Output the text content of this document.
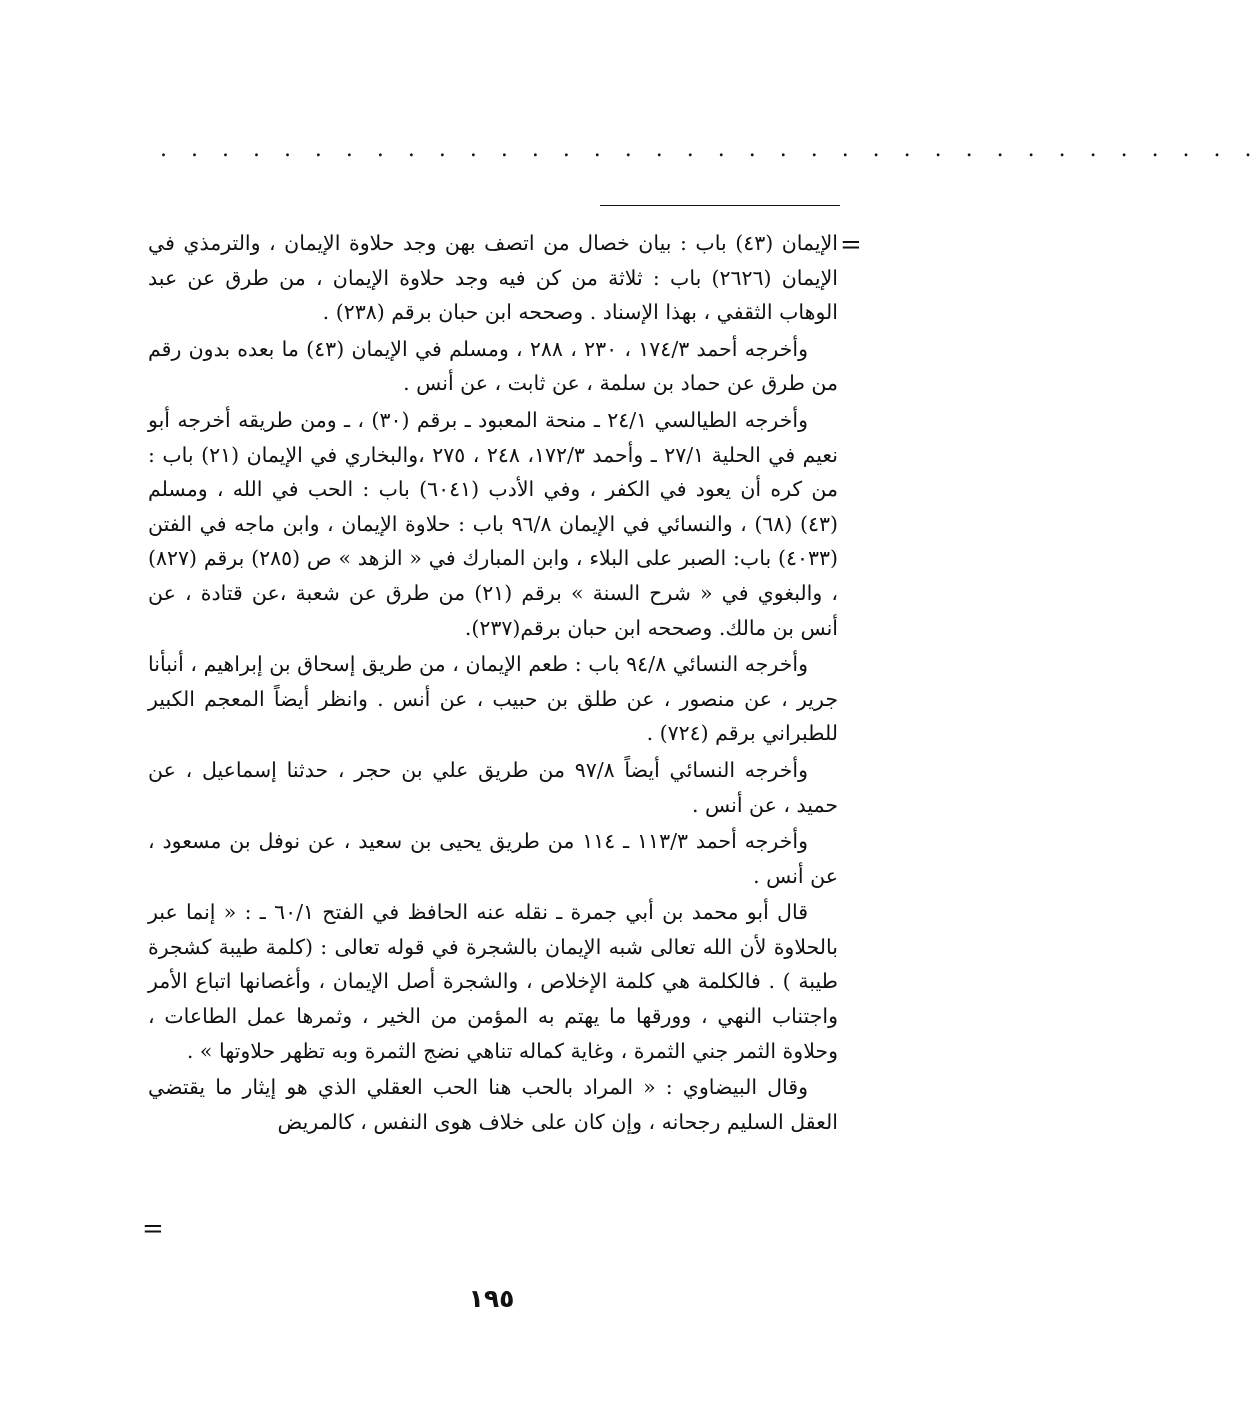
. . . . . . . . . . . . . . . . . . . . . . . . . . . . . . . . . . . .
=

الإيمان (٤٣) باب : بيان خصال من اتصف بهن وجد حلاوة الإيمان ، والترمذي في الإيمان (٢٦٢٦) باب : ثلاثة من كن فيه وجد حلاوة الإيمان ، من طرق عن عبد الوهاب الثقفي ، بهذا الإسناد . وصححه ابن حبان برقم (٢٣٨) .

وأخرجه أحمد ١٧٤/٣ ، ٢٣٠ ، ٢٨٨ ، ومسلم في الإيمان (٤٣) ما بعده بدون رقم من طرق عن حماد بن سلمة ، عن ثابت ، عن أنس .

وأخرجه الطيالسي ٢٤/١ ـ منحة المعبود ـ برقم (٣٠) ، ـ ومن طريقه أخرجه أبو نعيم في الحلية ٢٧/١ ـ وأحمد ١٧٢/٣، ٢٤٨ ، ٢٧٥ ،والبخاري في الإيمان (٢١) باب : من كره أن يعود في الكفر ، وفي الأدب (٦٠٤١) باب : الحب في الله ، ومسلم (٤٣) (٦٨) ، والنسائي في الإيمان ٩٦/٨ باب : حلاوة الإيمان ، وابن ماجه في الفتن (٤٠٣٣) باب: الصبر على البلاء ، وابن المبارك في « الزهد » ص (٢٨٥) برقم (٨٢٧) ، والبغوي في « شرح السنة » برقم (٢١) من طرق عن شعبة ،عن قتادة ، عن أنس بن مالك. وصححه ابن حبان برقم(٢٣٧).

وأخرجه النسائي ٩٤/٨ باب : طعم الإيمان ، من طريق إسحاق بن إبراهيم ، أنبأنا جرير ، عن منصور ، عن طلق بن حبيب ، عن أنس . وانظر أيضاً المعجم الكبير للطبراني برقم (٧٢٤) .

وأخرجه النسائي أيضاً ٩٧/٨ من طريق علي بن حجر ، حدثنا إسماعيل ، عن حميد ، عن أنس .

وأخرجه أحمد ١١٣/٣ ـ ١١٤ من طريق يحيى بن سعيد ، عن نوفل بن مسعود ، عن أنس .

قال أبو محمد بن أبي جمرة ـ نقله عنه الحافظ في الفتح ٦٠/١ ـ : « إنما عبر بالحلاوة لأن الله تعالى شبه الإيمان بالشجرة في قوله تعالى : (كلمة طيبة كشجرة طيبة ) . فالكلمة هي كلمة الإخلاص ، والشجرة أصل الإيمان ، وأغصانها اتباع الأمر واجتناب النهي ، وورقها ما يهتم به المؤمن من الخير ، وثمرها عمل الطاعات ، وحلاوة الثمر جني الثمرة ، وغاية كماله تناهي نضج الثمرة وبه تظهر حلاوتها » .

وقال البيضاوي : « المراد بالحب هنا الحب العقلي الذي هو إيثار ما يقتضي العقل السليم رجحانه ، وإن كان على خلاف هوى النفس ، كالمريض

=
١٩٥
